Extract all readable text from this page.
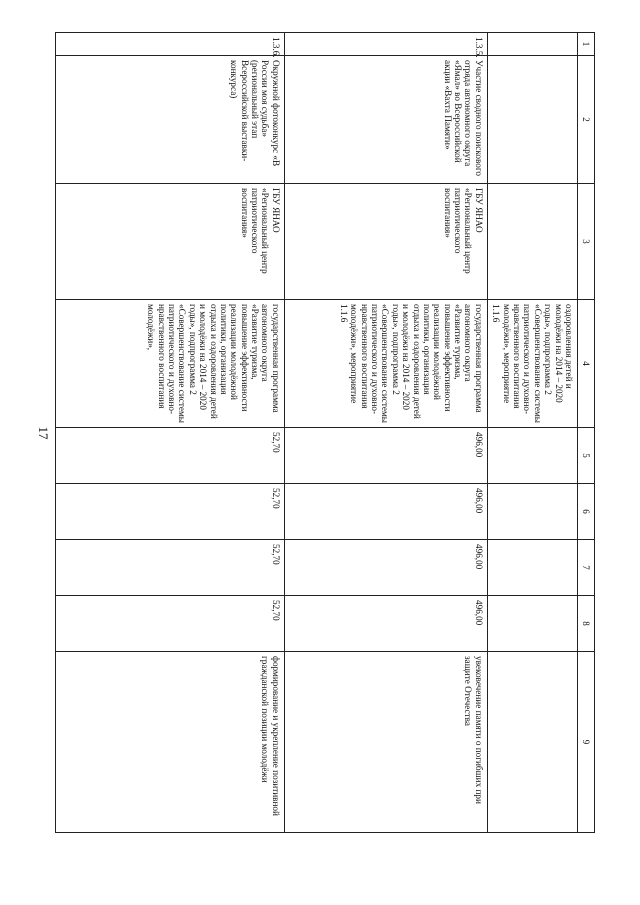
17
1	2	3	4	5	6	7	8	9
			оздоровления детей и молодёжи на 2014 – 2020 годы», подпрограмма 2 «Совершенствование системы патриотического и духовно-нравственного воспитания молодёжи», мероприятие 1.1.6					
1.3.5.	Участие сводного поискового отряда автономного округа «Ямал» во Всероссийской акции «Вахта Памяти»	ГБУ ЯНАО «Региональный центр патриотического воспитания»	государственная программа автономного округа «Развитие туризма, повышение эффективности реализации молодёжной политики, организация отдыха и оздоровления детей и молодёжи на 2014 – 2020 годы», подпрограмма 2 «Совершенствование системы патриотического и духовно-нравственного воспитания молодёжи», мероприятие 1.1.6	496,00	496,00	496,00	496,00	увековечение памяти о погибших при защите Отечества
1.3.6.	Окружной фотоконкурс «В России моя судьба» (региональный этап Всероссийской выставки-конкурса)	ГБУ ЯНАО «Региональный центр патриотического воспитания»	государственная программа автономного округа «Развитие туризма, повышение эффективности реализации молодёжной политики, организация отдыха и оздоровления детей и молодёжи на 2014 – 2020 годы», подпрограмма 2 «Совершенствование системы патриотического и духовно-нравственного воспитания молодёжи»,	52,70	52,70	52,70	52,70	формирование и укрепление позитивной гражданской позиции молодёжи
